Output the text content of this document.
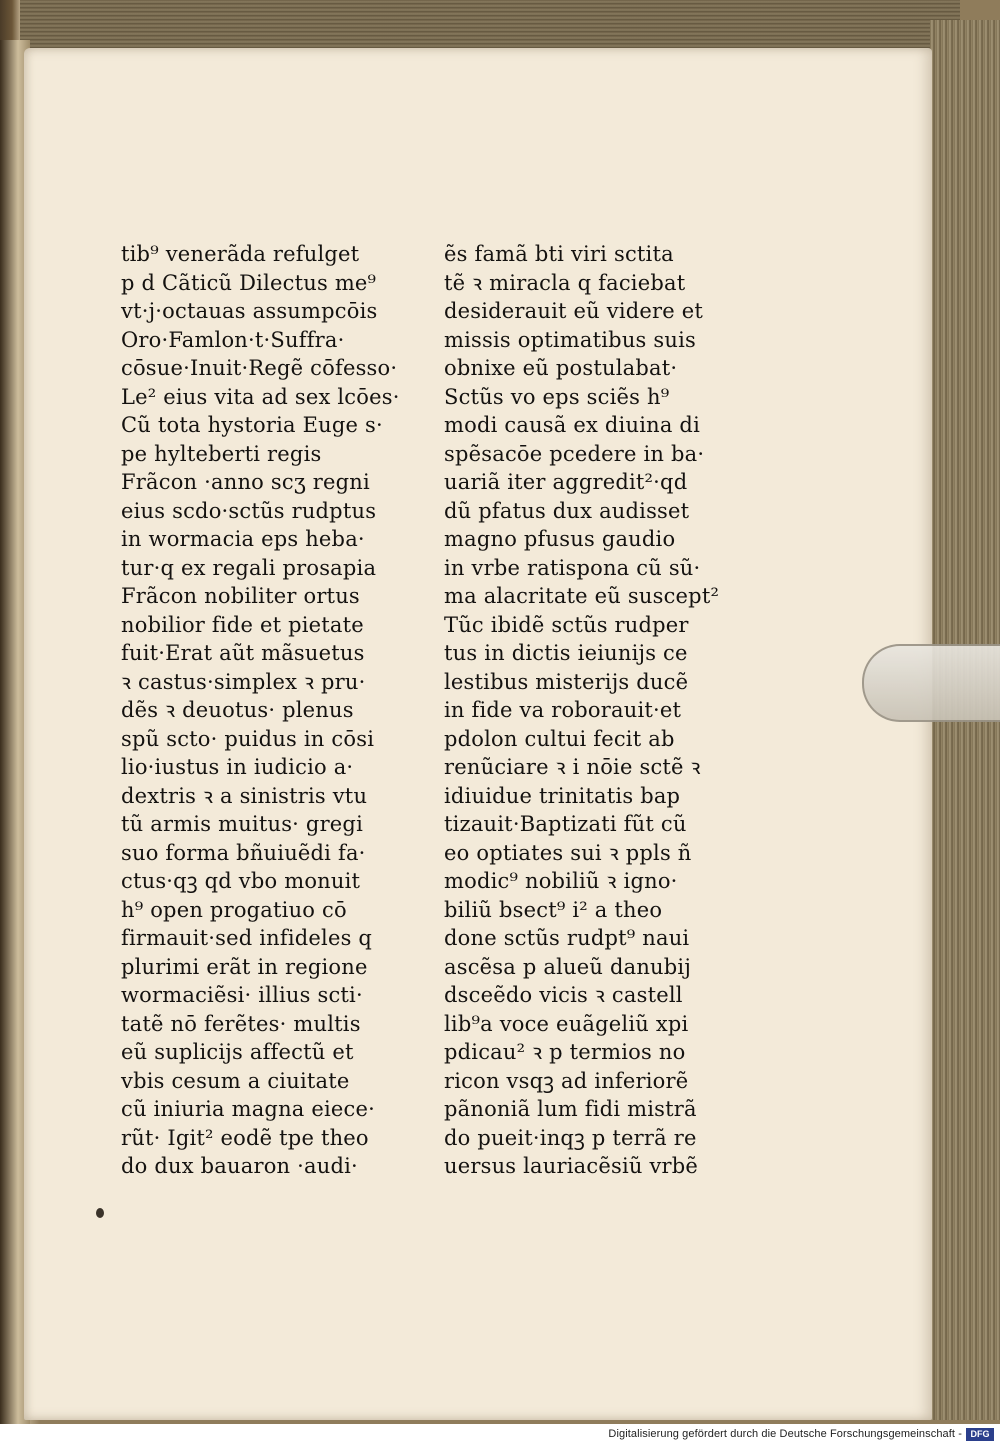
tib⁹ venerãda refulget
p d Cãticũ Dilectus me⁹
vt·j·octauas assumpcōis
Oro·Famlon·t·Suffra·
cōsue·Inuit·Regẽ cōfesso·
Le² eius vita ad sex lcōes·
Cũ tota hystoria Euge s·
pe hylteberti regis
Frãcon ·anno scʒ regni
eius scdo·sctũs rudptus
in wormacia eps heba·
tur·q ex regali prosapia
Frãcon nobiliter ortus
nobilior fide et pietate
fuit·Erat aũt mãsuetus
ꝛ castus·simplex ꝛ pru·
dẽs ꝛ deuotus· plenus
spũ scto· puidus in cōsi
lio·iustus in iudicio a·
dextris ꝛ a sinistris vtu
tũ armis muitus· gregi
suo forma bñuiuẽdi fa·
ctus·qꝫ qd vbo monuit
h⁹ open progatiuo cō
firmauit·sed infideles q
plurimi erãt in regione
wormaciẽsi· illius scti·
tatẽ nō ferẽtes· multis
eũ suplicijs affectũ et
vbis cesum a ciuitate
cũ iniuria magna eiece·
rũt· Igit² eodẽ tpe theo
do dux bauaron ·audi·
ẽs famã bti viri sctita
tẽ ꝛ miracla q faciebat
desiderauit eũ videre et
missis optimatibus suis
obnixe eũ postulabat·
Sctũs vo eps sciẽs h⁹
modi causã ex diuina di
spẽsacōe pcedere in ba·
uariã iter aggredit²·qd
dũ pfatus dux audisset
magno pfusus gaudio
in vrbe ratispona cũ sũ·
ma alacritate eũ suscept²
Tũc ibidẽ sctũs rudper
tus in dictis ieiunijs ce
lestibus misterijs ducẽ
in fide va roborauit·et
pdolon cultui fecit ab
renũciare ꝛ i nōie sctẽ ꝛ
idiuidue trinitatis bap
tizauit·Baptizati fũt cũ
eo optiates sui ꝛ ppls ñ
modic⁹ nobiliũ ꝛ igno·
biliũ bsect⁹ i² a theo
done sctũs rudpt⁹ naui
ascẽsa p alueũ danubij
dsceẽdo vicis ꝛ castell
lib⁹a voce euãgeliũ xpi
pdicau² ꝛ p termios no
ricon vsqꝫ ad inferiorẽ
pãnoniã lum fidi mistrã
do pueit·inqꝫ p terrã re
uersus lauriacẽsiũ vrbẽ
Digitalisierung gefördert durch die Deutsche Forschungsgemeinschaft - DFG
